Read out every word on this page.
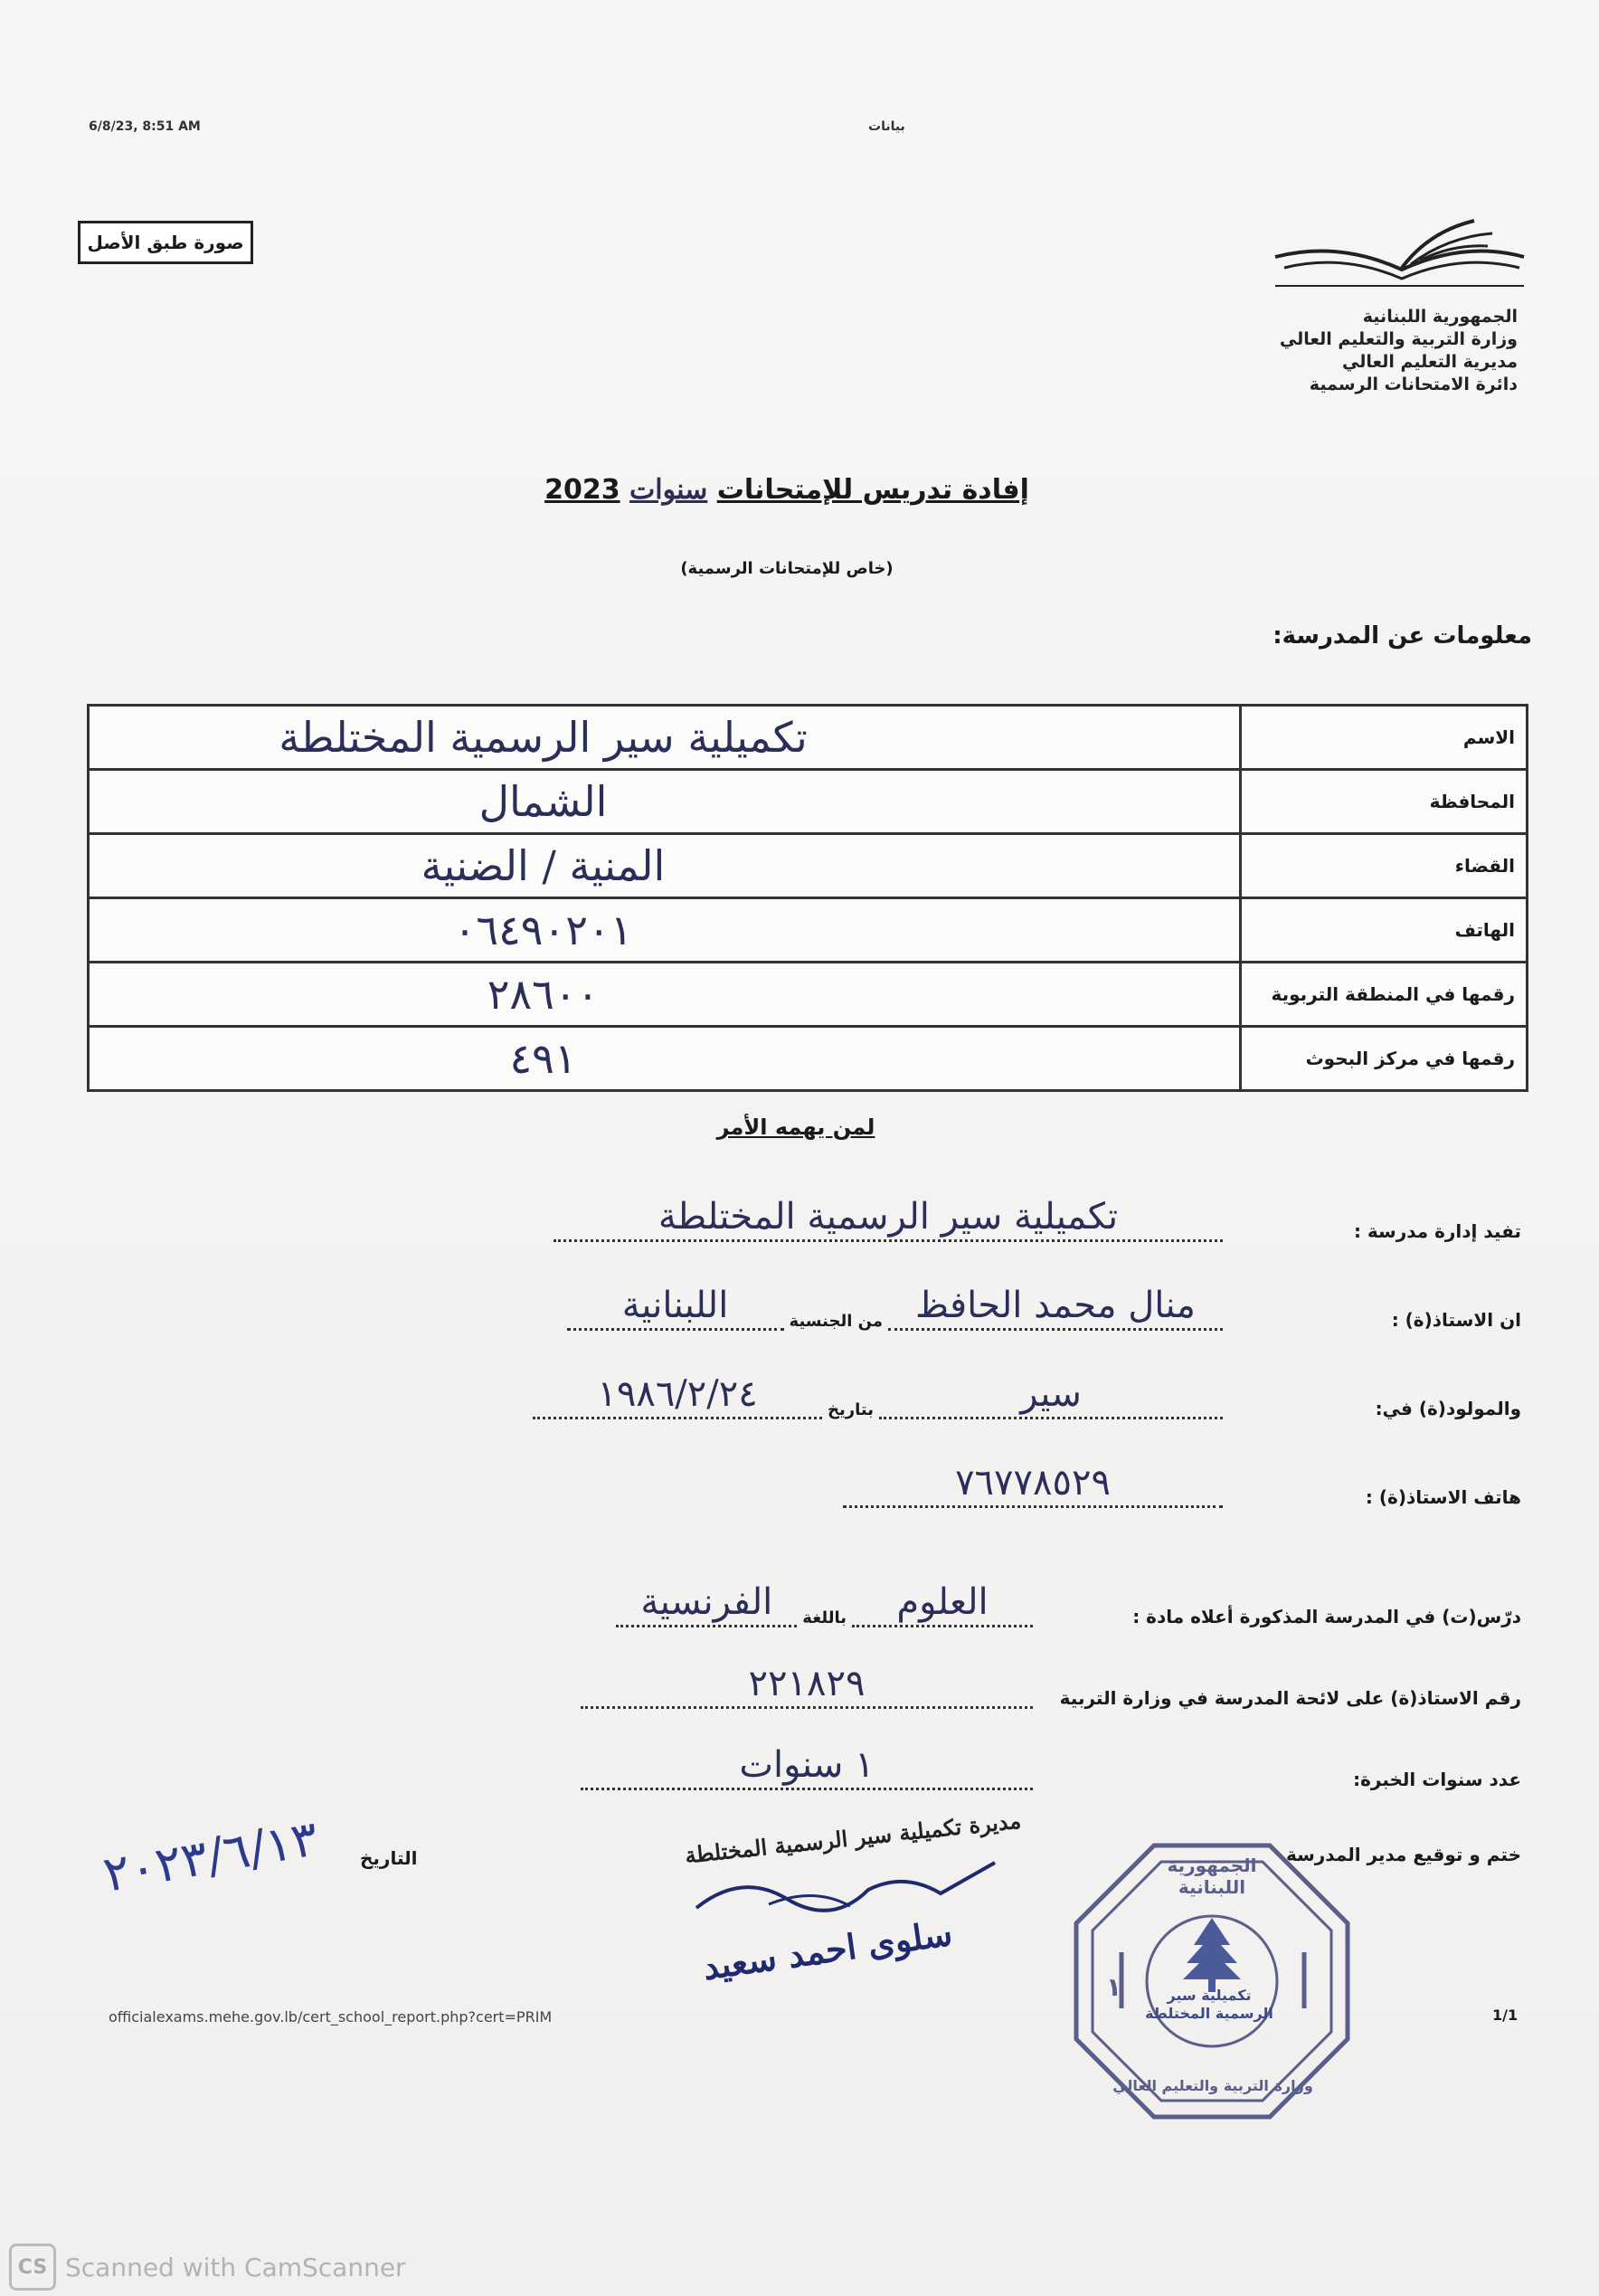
6/8/23, 8:51 AM	بيانات
صورة طبق الأصل
الجمهورية اللبنانية
وزارة التربية والتعليم العالي
مديرية التعليم العالي
دائرة الامتحانات الرسمية
إفادة تدريس للإمتحانات سنوات 2023
(خاص للإمتحانات الرسمية)
معلومات عن المدرسة:
الاسم	تكميلية سير الرسمية المختلطة
المحافظة	الشمال
القضاء	المنية / الضنية
الهاتف	٠٦٤٩٠٢٠١
رقمها في المنطقة التربوية	٢٨٦٠٠
رقمها في مركز البحوث	٤٩١
لمن يهمه الأمر
تفيد إدارة مدرسة :
تكميلية سير الرسمية المختلطة
ان الاستاذ(ة) :
منال محمد الحافظ
من الجنسية
اللبنانية
والمولود(ة) في:
سير
بتاريخ
١٩٨٦/٢/٢٤
هاتف الاستاذ(ة) :
٧٦٧٧٨٥٢٩
درّس(ت) في المدرسة المذكورة أعلاه مادة :
العلوم
باللغة
الفرنسية
رقم الاستاذ(ة) على لائحة المدرسة في وزارة التربية
٢٢١٨٢٩
عدد سنوات الخبرة:
١ سنوات
ختم و توقيع مدير المدرسة
التاريخ
٢٠٢٣/٦/١٣	مديرة تكميلية سير الرسمية المختلطة
سلوى احمد سعيد
الجمهورية اللبنانية
تكميلية سير الرسمية المختلطة
وزارة التربية والتعليم العالي
١
officialexams.mehe.gov.lb/cert_school_report.php?cert=PRIM	1/1
CS Scanned with CamScanner
